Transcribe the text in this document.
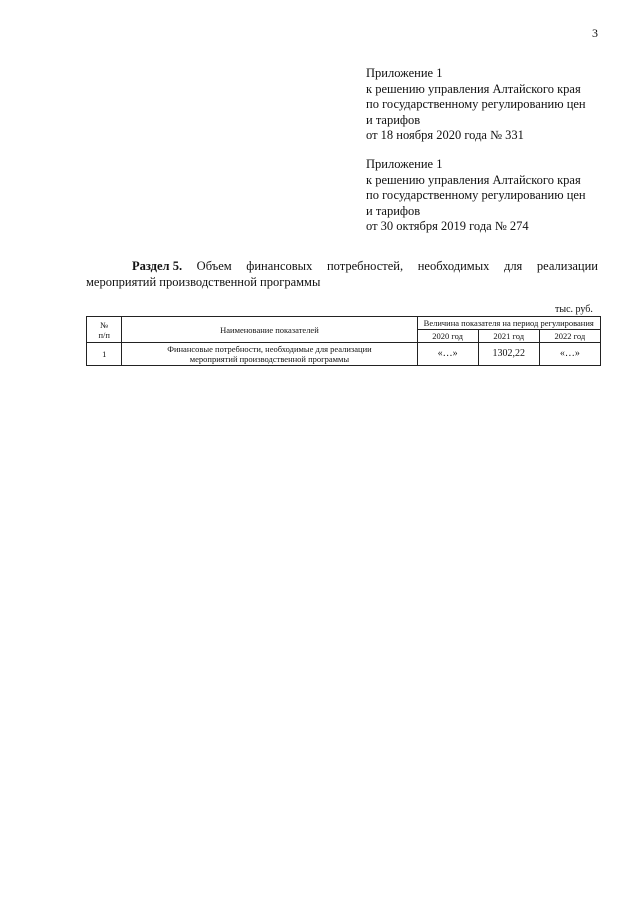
3
Приложение 1
к решению управления Алтайского края
по государственному регулированию цен
и тарифов
от 18 ноября 2020 года № 331
Приложение 1
к решению управления Алтайского края
по государственному регулированию цен
и тарифов
от 30 октября 2019 года № 274
Раздел 5. Объем финансовых потребностей, необходимых для реализации
мероприятий производственной программы
тыс. руб.
№
п/п	Наименование показателей	Величина показателя на период регулирования		
		2020 год	2021 год	2022 год
1	Финансовые потребности, необходимые для реализации
мероприятий производственной программы	«…»	1302,22	«…»
